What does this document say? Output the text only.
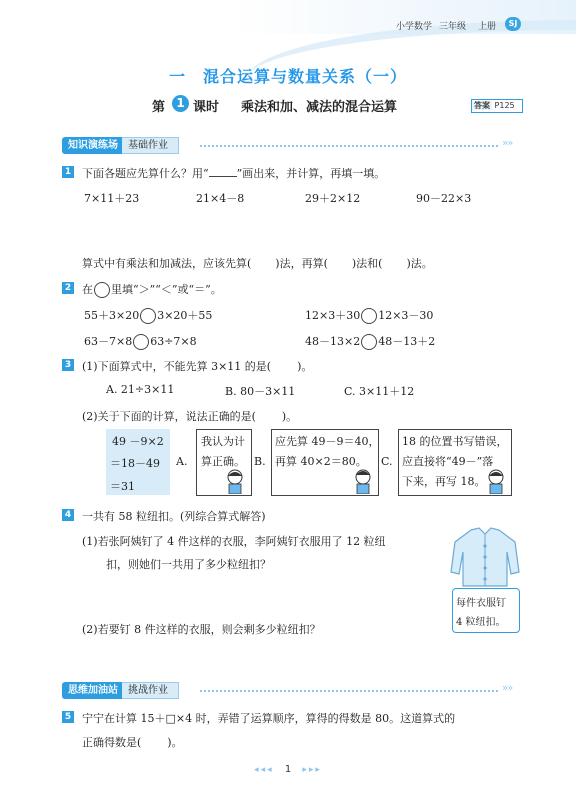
小学数学 三年级 上册	SJ
一　混合运算与数量关系（一）
第 1 课时 乘法和加、减法的混合运算	答案 P125
知识演练场 基础作业	»»
1 下面各题应先算什么？用“	”画出来，并计算，再填一填。
7×11＋23	21×4－8	29＋2×12	90－22×3
算式中有乘法和加减法，应该先算( )法，再算( )法和( )法。
2 在 里填“＞”“＜”或“＝”。
55＋3×20 3×20＋55	12×3＋30 12×3－30
63－7×8 63÷7×8	48－13×2 48－13＋2
3 (1)下面算式中，不能先算 3×11 的是( )。
A. 21÷3×11	B. 80－3×11	C. 3×11＋12
(2)关于下面的计算，说法正确的是( )。
49 －9×2
＝18－49
＝31
A.
我认为计
算正确。 B.
应先算 49－9＝40，
再算 40×2＝80。 C.
18 的位置书写错误，
应直接将“49－”落
下来，再写 18。
4 一共有 58 粒纽扣。(列综合算式解答)
(1)若张阿姨钉了 4 件这样的衣服，李阿姨钉衣服用了 12 粒纽
扣，则她们一共用了多少粒纽扣？
(2)若要钉 8 件这样的衣服，则会剩多少粒纽扣？
每件衣服钉
4 粒纽扣。
思维加油站 挑战作业	»»
5 宁宁在计算 15＋□×4 时，弄错了运算顺序，算得的得数是 80。这道算式的
正确得数是( )。
◂◂◂ 1 ▸▸▸
